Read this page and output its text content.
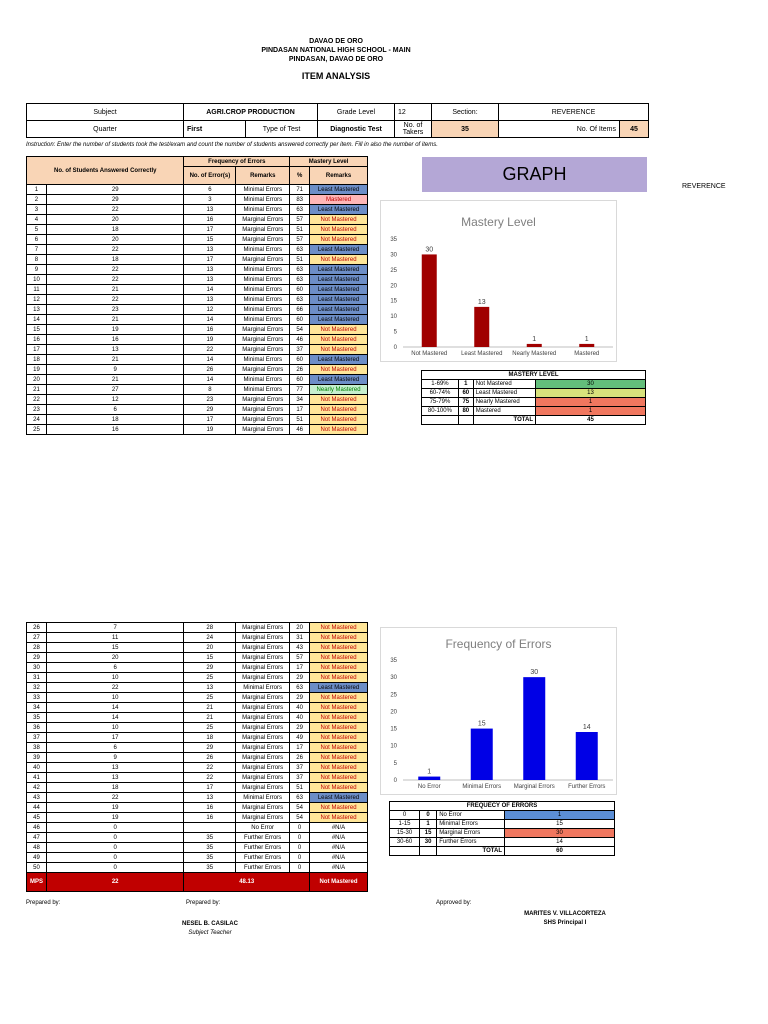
DAVAO DE ORO
PINDASAN NATIONAL HIGH SCHOOL - MAIN
PINDASAN, DAVAO DE ORO
ITEM ANALYSIS
Subject	AGRI.CROP PRODUCTION		Grade Level	12	Section:	REVERENCE	
Quarter	First	Type of Test	Diagnostic Test	No. of Takers	35	No. Of Items	45
Instruction: Enter the number of students took the test/exam and count the number of students answered correctly per item. Fill in also the number of items.
No. of Students Answered Correctly		Frequency of Errors		Mastery Level	
		No. of Error(s)	Remarks	%	Remarks
1	29	6	Minimal Errors	71	Least Mastered
2	29	3	Minimal Errors	83	Mastered
3	22	13	Minimal Errors	63	Least Mastered
4	20	16	Marginal Errors	57	Not Mastered
5	18	17	Marginal Errors	51	Not Mastered
6	20	15	Marginal Errors	57	Not Mastered
7	22	13	Minimal Errors	63	Least Mastered
8	18	17	Marginal Errors	51	Not Mastered
9	22	13	Minimal Errors	63	Least Mastered
10	22	13	Minimal Errors	63	Least Mastered
11	21	14	Minimal Errors	60	Least Mastered
12	22	13	Minimal Errors	63	Least Mastered
13	23	12	Minimal Errors	66	Least Mastered
14	21	14	Minimal Errors	60	Least Mastered
15	19	16	Marginal Errors	54	Not Mastered
16	16	19	Marginal Errors	46	Not Mastered
17	13	22	Marginal Errors	37	Not Mastered
18	21	14	Minimal Errors	60	Least Mastered
19	9	26	Marginal Errors	26	Not Mastered
20	21	14	Minimal Errors	60	Least Mastered
21	27	8	Minimal Errors	77	Nearly Mastered
22	12	23	Marginal Errors	34	Not Mastered
23	6	29	Marginal Errors	17	Not Mastered
24	18	17	Marginal Errors	51	Not Mastered
25	16	19	Marginal Errors	46	Not Mastered
26	7	28	Marginal Errors	20	Not Mastered
27	11	24	Marginal Errors	31	Not Mastered
28	15	20	Marginal Errors	43	Not Mastered
29	20	15	Marginal Errors	57	Not Mastered
30	6	29	Marginal Errors	17	Not Mastered
31	10	25	Marginal Errors	29	Not Mastered
32	22	13	Minimal Errors	63	Least Mastered
33	10	25	Marginal Errors	29	Not Mastered
34	14	21	Marginal Errors	40	Not Mastered
35	14	21	Marginal Errors	40	Not Mastered
36	10	25	Marginal Errors	29	Not Mastered
37	17	18	Marginal Errors	49	Not Mastered
38	6	29	Marginal Errors	17	Not Mastered
39	9	26	Marginal Errors	26	Not Mastered
40	13	22	Marginal Errors	37	Not Mastered
41	13	22	Marginal Errors	37	Not Mastered
42	18	17	Marginal Errors	51	Not Mastered
43	22	13	Minimal Errors	63	Least Mastered
44	19	16	Marginal Errors	54	Not Mastered
45	19	16	Marginal Errors	54	Not Mastered
46	0		No Error	0	#N/A
47	0	35	Further Errors	0	#N/A
48	0	35	Further Errors	0	#N/A
49	0	35	Further Errors	0	#N/A
50	0	35	Further Errors	0	#N/A
MPS	22	48.13			Not Mastered
GRAPH
REVERENCE
Mastery Level
0
5
10
15
20
25
30
35
30
Not Mastered
13
Least Mastered
1
Nearly Mastered
1
Mastered
MASTERY LEVEL			
1-69%	1	Not Mastered	30
60-74%	60	Least Mastered	13
75-79%	75	Nearly Mastered	1
80-100%	80	Mastered	1
		TOTAL	45
Frequency of Errors
0
5
10
15
20
25
30
35
1
No Error
15
Minimal Errors
30
Marginal Errors
14
Further Errors
FREQUECY OF ERRORS			
0	0	No Error	1
1-15	1	Minimal Errors	15
15-30	15	Marginal Errors	30
30-60	30	Further Errors	14
		TOTAL	60
Prepared by:	Prepared by:	Approved by:
NESEL B. CASILAC
Subject Teacher
MARITES V. VILLACORTEZA
SHS Principal I
